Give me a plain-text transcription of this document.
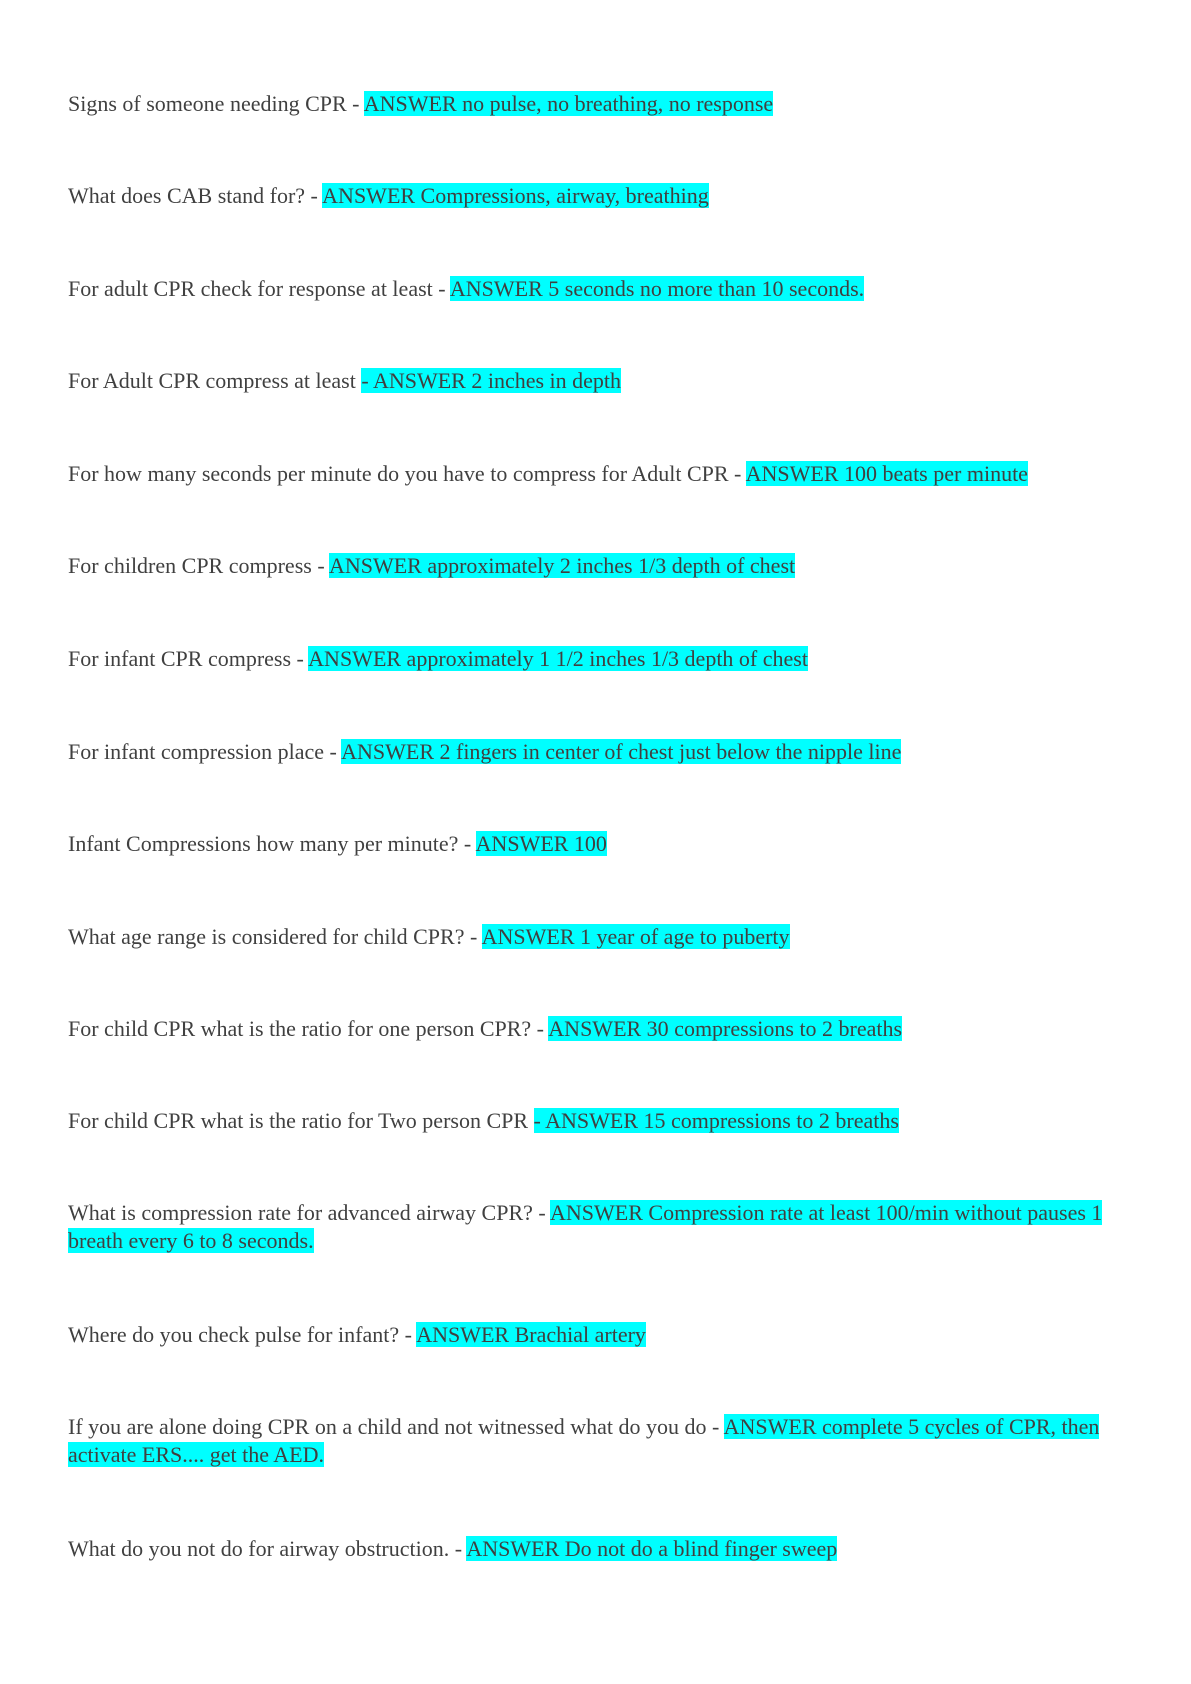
Signs of someone needing CPR - ANSWER no pulse, no breathing, no response

What does CAB stand for? - ANSWER Compressions, airway, breathing

For adult CPR check for response at least - ANSWER 5 seconds no more than 10 seconds.

For Adult CPR compress at least - ANSWER 2 inches in depth

For how many seconds per minute do you have to compress for Adult CPR - ANSWER 100 beats per minute

For children CPR compress - ANSWER approximately 2 inches 1/3 depth of chest

For infant CPR compress - ANSWER approximately 1 1/2 inches 1/3 depth of chest

For infant compression place - ANSWER 2 fingers in center of chest just below the nipple line

Infant Compressions how many per minute? - ANSWER 100

What age range is considered for child CPR? - ANSWER 1 year of age to puberty

For child CPR what is the ratio for one person CPR? - ANSWER 30 compressions to 2 breaths

For child CPR what is the ratio for Two person CPR - ANSWER 15 compressions to 2 breaths

What is compression rate for advanced airway CPR? - ANSWER Compression rate at least 100/min without pauses 1 breath every 6 to 8 seconds.

Where do you check pulse for infant? - ANSWER Brachial artery

If you are alone doing CPR on a child and not witnessed what do you do - ANSWER complete 5 cycles of CPR, then activate ERS.... get the AED.

What do you not do for airway obstruction. - ANSWER Do not do a blind finger sweep
